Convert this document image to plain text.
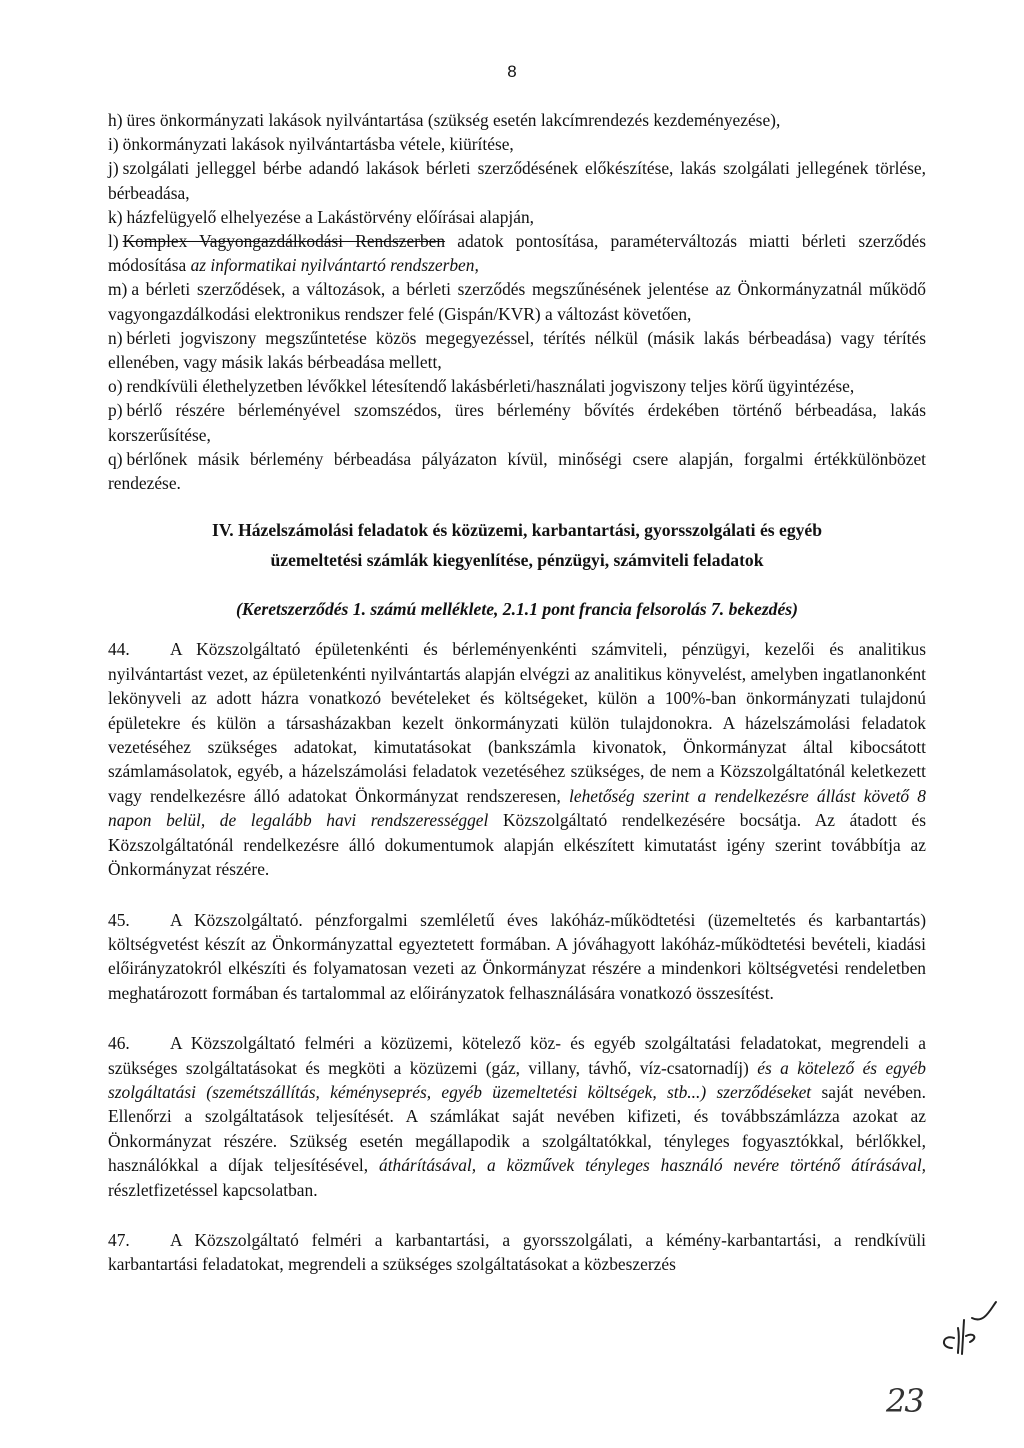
8

h) üres önkormányzati lakások nyilvántartása (szükség esetén lakcímrendezés kezdeményezése),

i) önkormányzati lakások nyilvántartásba vétele, kiürítése,

j) szolgálati jelleggel bérbe adandó lakások bérleti szerződésének előkészítése, lakás szolgálati jellegének törlése, bérbeadása,

k) házfelügyelő elhelyezése a Lakástörvény előírásai alapján,

l) Komplex Vagyongazdálkodási Rendszerben adatok pontosítása, paraméterváltozás miatti bérleti szerződés módosítása az informatikai nyilvántartó rendszerben,

m) a bérleti szerződések, a változások, a bérleti szerződés megszűnésének jelentése az Önkormányzatnál működő vagyongazdálkodási elektronikus rendszer felé (Gispán/KVR) a változást követően,

n) bérleti jogviszony megszűntetése közös megegyezéssel, térítés nélkül (másik lakás bérbeadása) vagy térítés ellenében, vagy másik lakás bérbeadása mellett,

o) rendkívüli élethelyzetben lévőkkel létesítendő lakásbérleti/használati jogviszony teljes körű ügyintézése,

p) bérlő részére bérleményével szomszédos, üres bérlemény bővítés érdekében történő bérbeadása, lakás korszerűsítése,

q) bérlőnek másik bérlemény bérbeadása pályázaton kívül, minőségi csere alapján, forgalmi értékkülönbözet rendezése.

IV. Házelszámolási feladatok és közüzemi, karbantartási, gyorsszolgálati és egyéb
üzemeltetési számlák kiegyenlítése, pénzügyi, számviteli feladatok
(Keretszerződés 1. számú melléklete, 2.1.1 pont francia felsorolás 7. bekezdés)

44. A Közszolgáltató épületenkénti és bérleményenkénti számviteli, pénzügyi, kezelői és analitikus nyilvántartást vezet, az épületenkénti nyilvántartás alapján elvégzi az analitikus könyvelést, amelyben ingatlanonként lekönyveli az adott házra vonatkozó bevételeket és költségeket, külön a 100%-ban önkormányzati tulajdonú épületekre és külön a társasházakban kezelt önkormányzati külön tulajdonokra. A házelszámolási feladatok vezetéséhez szükséges adatokat, kimutatásokat (bankszámla kivonatok, Önkormányzat által kibocsátott számlamásolatok, egyéb, a házelszámolási feladatok vezetéséhez szükséges, de nem a Közszolgáltatónál keletkezett vagy rendelkezésre álló adatokat Önkormányzat rendszeresen, lehetőség szerint a rendelkezésre állást követő 8 napon belül, de legalább havi rendszerességgel Közszolgáltató rendelkezésére bocsátja. Az átadott és Közszolgáltatónál rendelkezésre álló dokumentumok alapján elkészített kimutatást igény szerint továbbítja az Önkormányzat részére.

45. A Közszolgáltató. pénzforgalmi szemléletű éves lakóház-működtetési (üzemeltetés és karbantartás) költségvetést készít az Önkormányzattal egyeztetett formában. A jóváhagyott lakóház-működtetési bevételi, kiadási előirányzatokról elkészíti és folyamatosan vezeti az Önkormányzat részére a mindenkori költségvetési rendeletben meghatározott formában és tartalommal az előirányzatok felhasználására vonatkozó összesítést.

46. A Közszolgáltató felméri a közüzemi, kötelező köz- és egyéb szolgáltatási feladatokat, megrendeli a szükséges szolgáltatásokat és megköti a közüzemi (gáz, villany, távhő, víz-csatornadíj) és a kötelező és egyéb szolgáltatási (szemétszállítás, kéményseprés, egyéb üzemeltetési költségek, stb...) szerződéseket saját nevében. Ellenőrzi a szolgáltatások teljesítését. A számlákat saját nevében kifizeti, és továbbszámlázza azokat az Önkormányzat részére. Szükség esetén megállapodik a szolgáltatókkal, tényleges fogyasztókkal, bérlőkkel, használókkal a díjak teljesítésével, áthárításával, a közművek tényleges használó nevére történő átírásával, részletfizetéssel kapcsolatban.

47. A Közszolgáltató felméri a karbantartási, a gyorsszolgálati, a kémény-karbantartási, a rendkívüli karbantartási feladatokat, megrendeli a szükséges szolgáltatásokat a közbeszerzés

23
